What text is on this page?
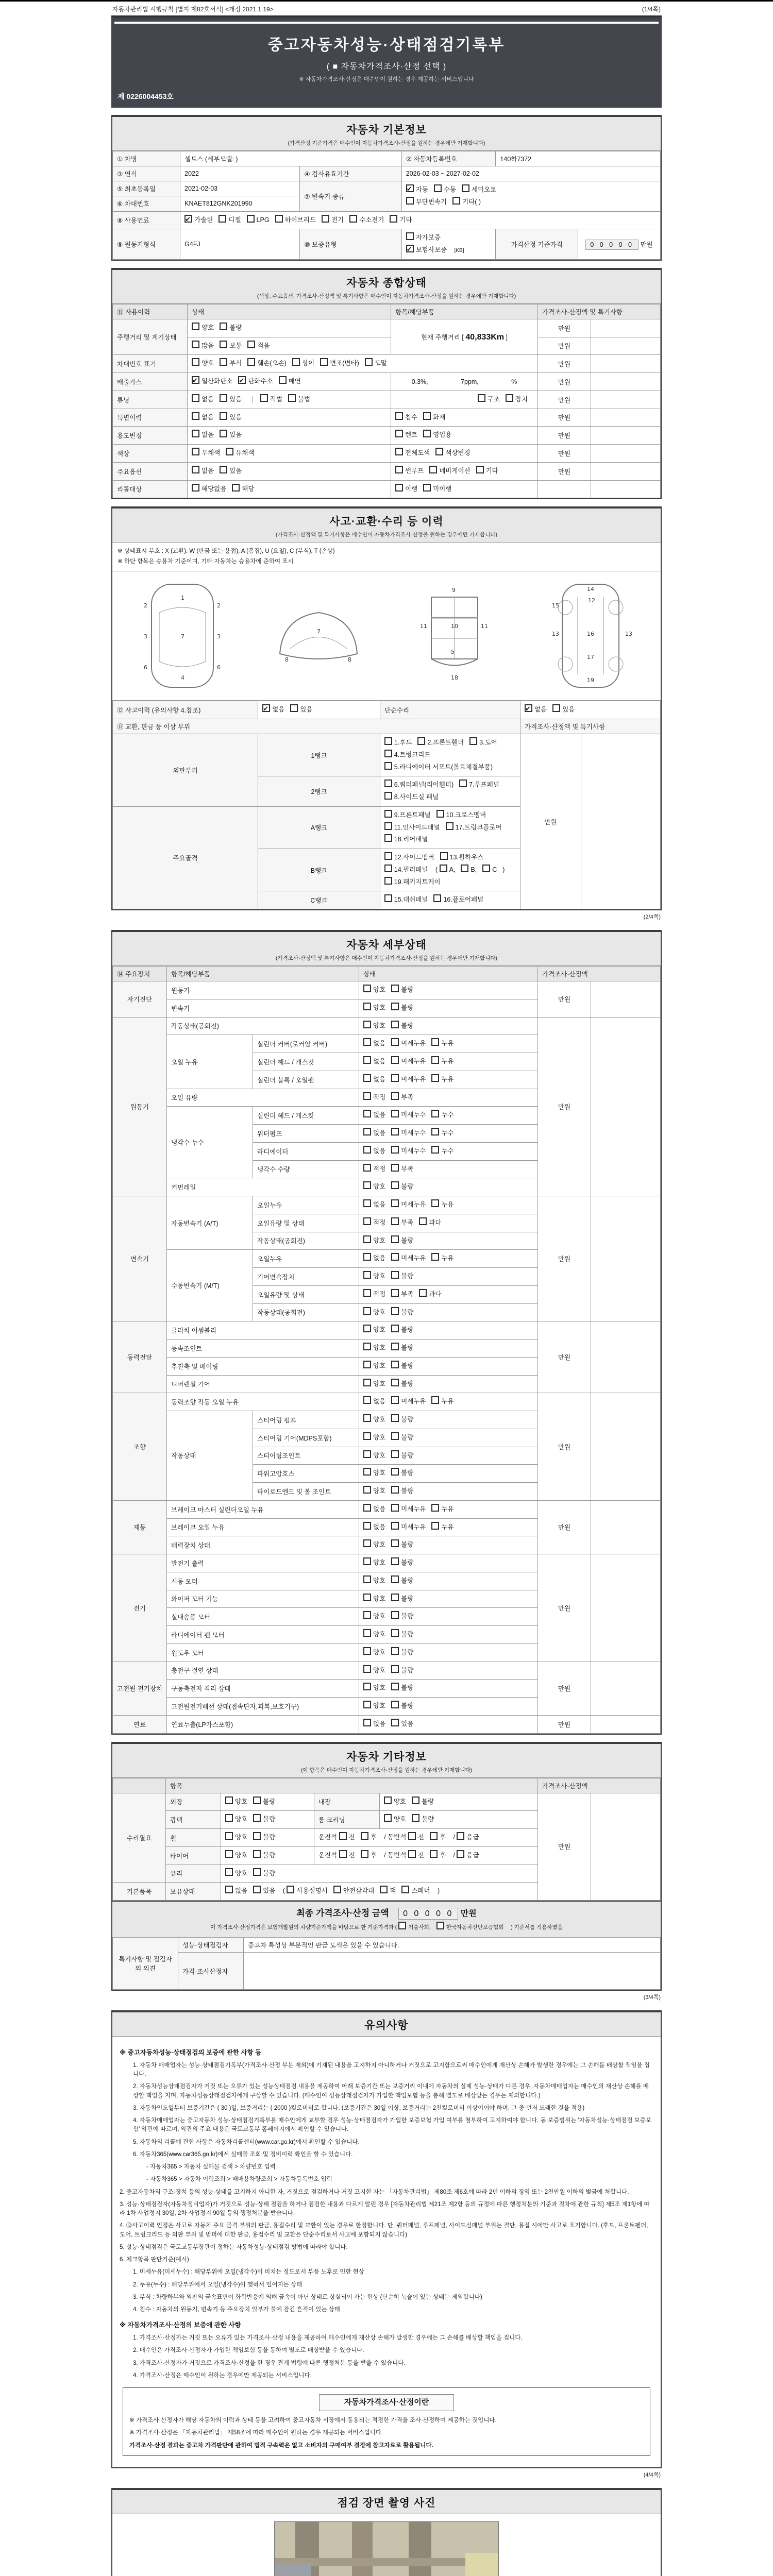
자동차관리법 시행규칙 [별지 제82호서식] <개정 2021.1.19>	(1/4쪽)
중고자동차성능·상태점검기록부
( ■ 자동차가격조사·산정 선택 )
※ 자동차가격조사·산정은 매수인이 원하는 경우 제공하는 서비스입니다
제 0226004453호
자동차 기본정보
(가격산정 기준가격은 매수인이 자동차가격조사·산정을 원하는 경우에만 기재합니다)
① 차명	셀토스 (세부모델: )		② 자동차등록번호	140하7372	
③ 연식	2022	④ 검사유효기간	2026-02-03 ~ 2027-02-02		
⑤ 최초등록일	2021-02-03	⑦ 변속기 종류	
✔자동 수동 세미오토
무단변속기 기타( )

⑥ 차대번호	KNAET812GNK201990				
⑧ 사용연료	✔가솔린 디젤 LPG 하이브리드 전기 수소전기 기타
⑨ 원동기형식	G4FJ	⑩ 보증유형	자가보증✔보험사보증 [KB]	가격산정 기준가격	0 0 0 0 0 만원
자동차 종합상태
(색상, 주요옵션, 가격조사·산정액 및 특기사항은 매수인이 자동차가격조사·산정을 원하는 경우에만 기재합니다)
⑪ 사용이력	상태	항목/해당부품	가격조사·산정액 및 특기사항	
주행거리 및 계기상태	양호 불량	현재 주행거리 [ 40,833Km ]	만원	
	많음 보통 적음		만원	
차대번호 표기	양호 부식 훼손(오손) 상이 변조(변타) 도말		만원	
배출가스	✔일산화탄소 ✔ 탄화수소 매연	0.3%, 7ppm, %	만원	
튜닝	없음 있음 적법 불법	구조 장치	만원	
특별이력	없음 있음	침수 화재	만원	
용도변경	없음 있음	렌트 영업용	만원	
색상	무채색 유채색	전체도색 색상변경	만원	
주요옵션	없음 있음	썬루프 네비게이션 기타	만원	
리콜대상	해당없음 해당	이행 미이행		
사고·교환·수리 등 이력
(가격조사·산정액 및 특기사항은 매수인이 자동차가격조사·산정을 원하는 경우에만 기재합니다)
※ 상태표시 부호 : X (교환), W (판금 또는 용접), A (흠집), U (요철), C (부식), T (손상)
※ 하단 항목은 승용차 기준이며, 기타 자동차는 승용차에 준하여 표시
1
7
4
2	2
3	3
6	6
7
8	8
11	11
9
10
5
18
12
13	13
16
17
19
14
15
⑫ 사고이력 (유의사항 4.참조)	✔없음 있음	단순수리	✔없음 있음
⑬ 교환, 판금 등 이상 부위			가격조사·산정액 및 특기사항	
외판부위	1랭크	1.후드 2.프론트휀더 3.도어4.트렁크리드5.라디에이터 서포트(볼트체결부품)	만원	
	2랭크	6.쿼터패널(리어휀더) 7.루프패널8.사이드실 패널		
주요골격	A랭크	9.프론트패널 10.크로스멤버11.인사이드패널 17.트렁크플로어18.리어패널		
	B랭크	12.사이드멤버 13.휠하우스14.필러패널 ( A, B, C )
19.패키지트레이		

	C랭크	15.대쉬패널 16.플로어패널		
(2/4쪽)
자동차 세부상태
(가격조사·산정액 및 특기사항은 매수인이 자동차가격조사·산정을 원하는 경우에만 기재합니다)
⑭ 주요장치	항목/해당부품		상태	가격조사·산정액	
자기진단	원동기		양호 불량	만원	
	변속기		양호 불량		
원동기	작동상태(공회전)		양호 불량	만원	
	오일 누유	실린더 커버(로커암 커버)	없음 미세누유 누유		
		실린더 헤드 / 개스킷	없음 미세누유 누유		
		실린더 블록 / 오일팬	없음 미세누유 누유		
	오일 유량		적정 부족		
	냉각수 누수	실린더 헤드 / 개스킷	없음 미세누수 누수		
		워터펌프	없음 미세누수 누수		
		라디에이터	없음 미세누수 누수		
		냉각수 수량	적정 부족		
	커먼레일		양호 불량		
변속기	자동변속기 (A/T)	오일누유	없음 미세누유 누유	만원	
		오일유량 및 상태	적정 부족 과다		
		작동상태(공회전)	양호 불량		
	수동변속기 (M/T)	오일누유	없음 미세누유 누유		
		기어변속장치	양호 불량		
		오일유량 및 상태	적정 부족 과다		
		작동상태(공회전)	양호 불량		
동력전달	클러치 어셈블리		양호 불량	만원	
	등속조인트		양호 불량		
	추진축 및 베어링		양호 불량		
	디퍼렌셜 기어		양호 불량		
조향	동력조향 작동 오일 누유		없음 미세누유 누유	만원	
	작동상태	스티어링 펌프	양호 불량		
		스티어링 기어(MDPS포함)	양호 불량		
		스티어링조인트	양호 불량		
		파워고압호스	양호 불량		
		타이로드엔드 및 볼 조인트	양호 불량		
제동	브레이크 마스터 실린더오일 누유		없음 미세누유 누유	만원	
	브레이크 오일 누유		없음 미세누유 누유		
	배력장치 상태		양호 불량		
전기	발전기 출력		양호 불량	만원	
	시동 모터		양호 불량		
	와이퍼 모터 기능		양호 불량		
	실내송풍 모터		양호 불량		
	라디에이터 팬 모터		양호 불량		
	윈도우 모터		양호 불량		
고전원 전기장치	충전구 절연 상태		양호 불량	만원	
	구동축전지 격리 상태		양호 불량		
	고전원전기배선 상태(접속단자,피복,보호기구)		양호 불량		
연료	연료누출(LP가스포함)		없음 있음	만원	
자동차 기타정보
(이 항목은 매수인이 자동차가격조사·산정을 원하는 경우에만 기재합니다)
	항목				가격조사·산정액	
수리필요	외장	양호 불량	내장	양호 불량	만원	
	광택	양호 불량	룸 크리닝	양호 불량		
	휠	양호 불량	운전석 전 후 / 동반석 전 후 / 응급			
	타이어	양호 불량	운전석 전 후 / 동반석 전 후 / 응급			
	유리	양호 불량				
기본품목	보유상태	없음 있음 ( 사용설명서 안전삼각대 잭 스패너 )				
최종 가격조사·산정 금액 0 0 0 0 0 만원
이 가격조사·산정가격은 보험개발원의 차량기준가액을 바탕으로 한 기준가격과 ( 기술사회,	한국자동차진단보증협회 ) 기준서를 적용하였음
특기사항 및 점검자의 의견	성능·상태점검자	중고차 특성상 부분적인 판금 도색은 있을 수 있습니다.
	가격·조사산정자	
(3/4쪽)
유의사항
※ 중고자동차성능·상태점검의 보증에 관한 사항 등
1. 자동차 매매업자는 성능·상태점검기록부(가격조사·산정 부분 제외)에 기재된 내용을 고지하지 아니하거나 거짓으로 고지함으로써 매수인에게 재산상 손해가 발생한 경우에는 그 손해를 배상할 책임을 집니다.
2. 자동차성능상태점검자가 거짓 또는 오류가 있는 성능상태점검 내용을 제공하여 아래 보증기간 또는 보증거리 이내에 자동차의 실제 성능·상태가 다른 경우, 자동차매매업자는 매수인의 재산상 손해를 배상할 책임을 지며, 자동차성능상태점검자에게 구상할 수 있습니다. (매수인이 성능상태점검자가 가입한 책임보험 등을 통해 별도로 배상받는 경우는 제외합니다.)
3. 자동차인도일부터 보증기간은 ( 30 )일, 보증거리는 ( 2000 )킬로미터로 합니다. (보증기간은 30일 이상, 보증거리는 2천킬로미터 이상이어야 하며, 그 중 먼저 도래한 것을 적용)
4. 자동차매매업자는 중고자동차 성능·상태점검기록부를 매수인에게 교부할 경우 성능·상태점검자가 가입한 보증보험 가입 여부를 첨부하여 고지하여야 합니다. 동 보증범위는 '자동차성능·상태점검 보증보험' 약관에 따르며, 약관의 주요 내용은 국토교통부 홈페이지에서 확인할 수 있습니다.
5. 자동차의 리콜에 관한 사항은 자동차리콜센터(www.car.go.kr)에서 확인할 수 있습니다.
6. 자동차365(www.car365.go.kr)에서 실매물 조회 및 정비이력 확인을 할 수 있습니다.
- 자동차365 > 자동차 실매물 검색 > 차량번호 입력
- 자동차365 > 자동차 이력조회 > 매매용차량조회 > 자동차등록번호 입력
2. 중고자동차의 구조·장치 등의 성능·상태를 고지하지 아니한 자, 거짓으로 점검하거나 거짓 고지한 자는 「자동차관리법」 제80조 제6호에 따라 2년 이하의 징역 또는 2천만원 이하의 벌금에 처합니다.
3. 성능·상태점검자(자동차정비업자)가 거짓으로 성능·상태 점검을 하거나 점검한 내용과 다르게 알린 경우 [자동차관리법 제21조 제2항 등의 규정에 따른 행정처분의 기준과 절차에 관한 규칙] 제5조 제1항에 따라 1차 사업정지 30일, 2차 사업정지 90일 등의 행정처분을 받습니다.
4. ⑫사고이력 인정은 사고로 자동차 주요 골격 부위의 판금, 용접수리 및 교환이 있는 경우로 한정합니다. 단, 쿼터패널, 루프패널, 사이드실패널 부위는 절단, 용접 시에만 사고로 표기합니다. (후드, 프론트펜더, 도어, 트렁크리드 등 외판 부위 및 범퍼에 대한 판금, 용접수리 및 교환은 단순수리로서 사고에 포함되지 않습니다)
5. 성능·상태점검은 국토교통부장관이 정하는 자동차성능·상태점검 방법에 따라야 합니다.
6. 체크항목 판단기준(예시)
1. 미세누유(미세누수) : 해당부위에 오일(냉각수)이 비치는 정도로서 부품 노후로 인한 현상
2. 누유(누수) : 해당부위에서 오일(냉각수)이 맺혀서 떨어지는 상태
3. 부식 : 차량하부와 외판의 금속표면이 화학반응에 의해 금속이 아닌 상태로 상실되어 가는 현상 (단순히 녹슬어 있는 상태는 제외합니다)
4. 침수 : 자동차의 원동기, 변속기 등 주요장치 일부가 물에 잠긴 흔적이 있는 상태
※ 자동차가격조사·산정의 보증에 관한 사항
1. 가격조사·산정자는 거짓 또는 오류가 있는 가격조사·산정 내용을 제공하여 매수인에게 재산상 손해가 발생한 경우에는 그 손해를 배상할 책임을 집니다.
2. 매수인은 가격조사·산정자가 가입한 책임보험 등을 통하여 별도로 배상받을 수 있습니다.
3. 가격조사·산정자가 거짓으로 가격조사·산정을 한 경우 관계 법령에 따른 행정처분 등을 받을 수 있습니다.
4. 가격조사·산정은 매수인이 원하는 경우에만 제공되는 서비스입니다.
자동차가격조사·산정이란
※ 가격조사·산정자가 해당 자동차의 이력과 상태 등을 고려하여 중고자동차 시장에서 통용되는 적정한 가격을 조사·산정하여 제공하는 것입니다.
※ 가격조사·산정은 「자동차관리법」 제58조에 따라 매수인이 원하는 경우 제공되는 서비스입니다.
가격조사·산정 결과는 중고차 가격판단에 관하여 법적 구속력은 없고 소비자의 구매여부 결정에 참고자료로 활용됩니다.
(4/4쪽)
점검 장면 촬영 사진
